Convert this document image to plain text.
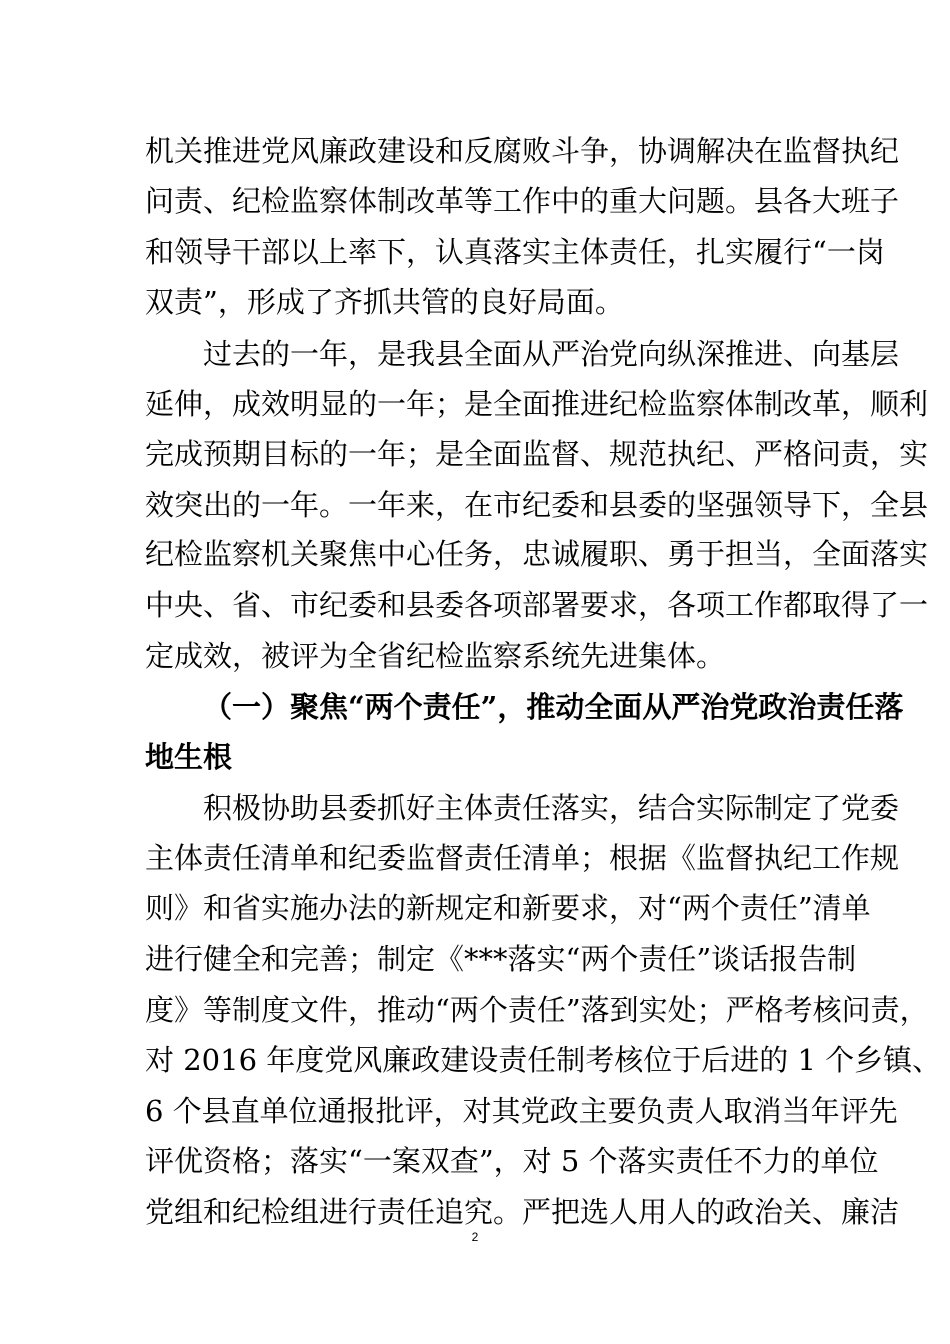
机关推进党风廉政建设和反腐败斗争，协调解决在监督执纪
问责、纪检监察体制改革等工作中的重大问题。县各大班子
和领导干部以上率下，认真落实主体责任，扎实履行“一岗
双责”，形成了齐抓共管的良好局面。
过去的一年，是我县全面从严治党向纵深推进、向基层
延伸，成效明显的一年；是全面推进纪检监察体制改革，顺利
完成预期目标的一年；是全面监督、规范执纪、严格问责，实
效突出的一年。一年来，在市纪委和县委的坚强领导下，全县
纪检监察机关聚焦中心任务，忠诚履职、勇于担当，全面落实
中央、省、市纪委和县委各项部署要求，各项工作都取得了一
定成效，被评为全省纪检监察系统先进集体。
（一）聚焦“两个责任”，推动全面从严治党政治责任落
地生根
积极协助县委抓好主体责任落实，结合实际制定了党委
主体责任清单和纪委监督责任清单；根据《监督执纪工作规
则》和省实施办法的新规定和新要求，对“两个责任”清单
进行健全和完善；制定《***落实“两个责任”谈话报告制
度》等制度文件，推动“两个责任”落到实处；严格考核问责，
对 2016 年度党风廉政建设责任制考核位于后进的 1 个乡镇、
6 个县直单位通报批评，对其党政主要负责人取消当年评先
评优资格；落实“一案双查”，对 5 个落实责任不力的单位
党组和纪检组进行责任追究。严把选人用人的政治关、廉洁
2
